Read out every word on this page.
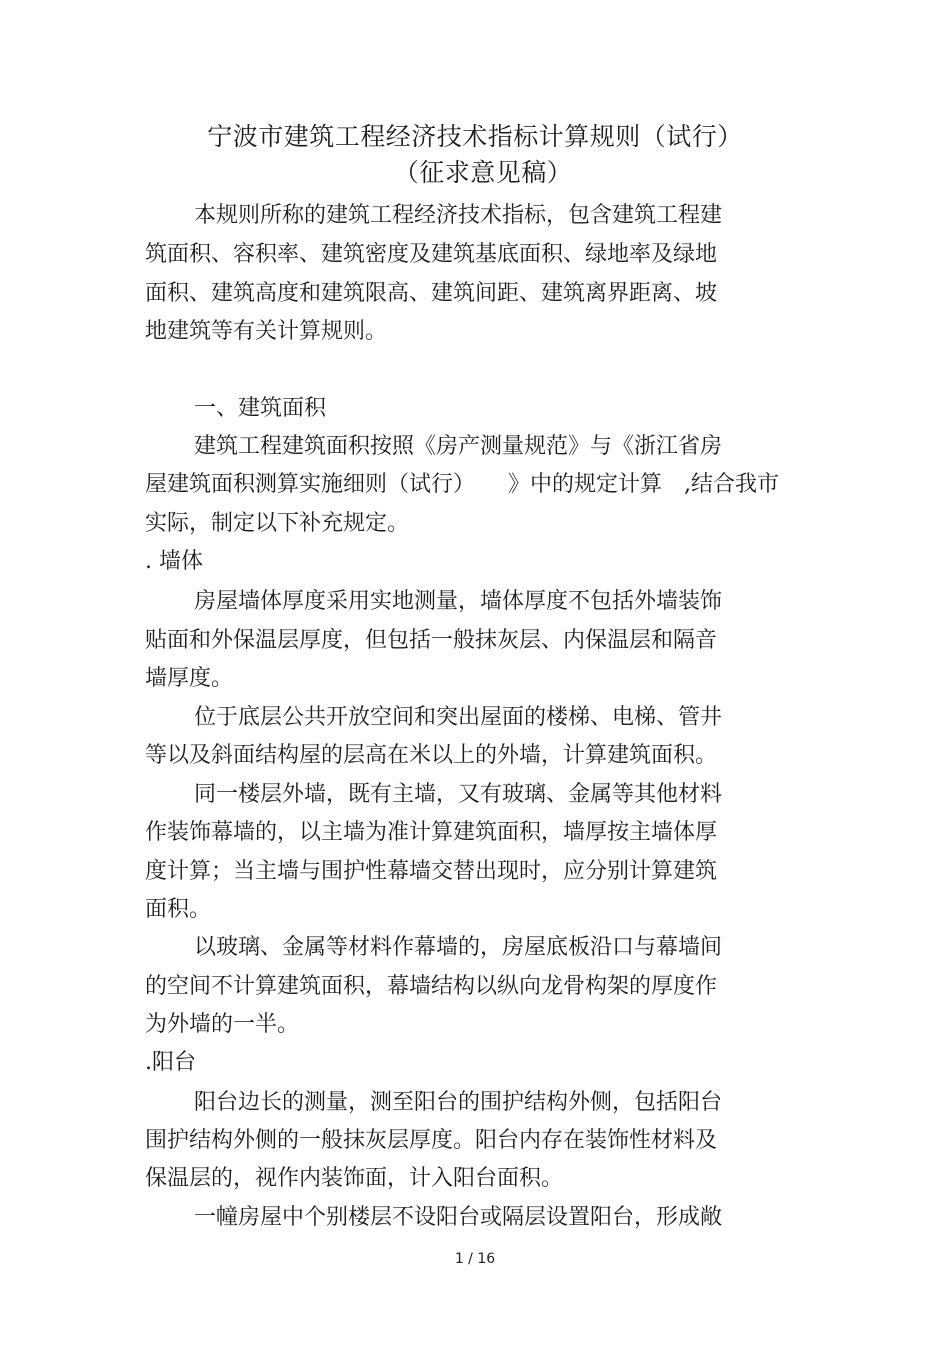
宁波市建筑工程经济技术指标计算规则（试行）
（征求意见稿）
本规则所称的建筑工程经济技术指标，包含建筑工程建
筑面积、容积率、建筑密度及建筑基底面积、绿地率及绿地
面积、建筑高度和建筑限高、建筑间距、建筑离界距离、坡
地建筑等有关计算规则。
一、建筑面积
建筑工程建筑面积按照《房产测量规范》与《浙江省房
屋建筑面积测算实施细则（试行）　　》中的规定计算　,结合我市
实际，制定以下补充规定。
. 墙体
房屋墙体厚度采用实地测量，墙体厚度不包括外墙装饰
贴面和外保温层厚度，但包括一般抹灰层、内保温层和隔音
墙厚度。
位于底层公共开放空间和突出屋面的楼梯、电梯、管井
等以及斜面结构屋的层高在米以上的外墙，计算建筑面积。
同一楼层外墙，既有主墙，又有玻璃、金属等其他材料
作装饰幕墙的，以主墙为准计算建筑面积，墙厚按主墙体厚
度计算；当主墙与围护性幕墙交替出现时，应分别计算建筑
面积。
以玻璃、金属等材料作幕墙的，房屋底板沿口与幕墙间
的空间不计算建筑面积，幕墙结构以纵向龙骨构架的厚度作
为外墙的一半。
.阳台
阳台边长的测量，测至阳台的围护结构外侧，包括阳台
围护结构外侧的一般抹灰层厚度。阳台内存在装饰性材料及
保温层的，视作内装饰面，计入阳台面积。
一幢房屋中个别楼层不设阳台或隔层设置阳台，形成敞
1 / 16
